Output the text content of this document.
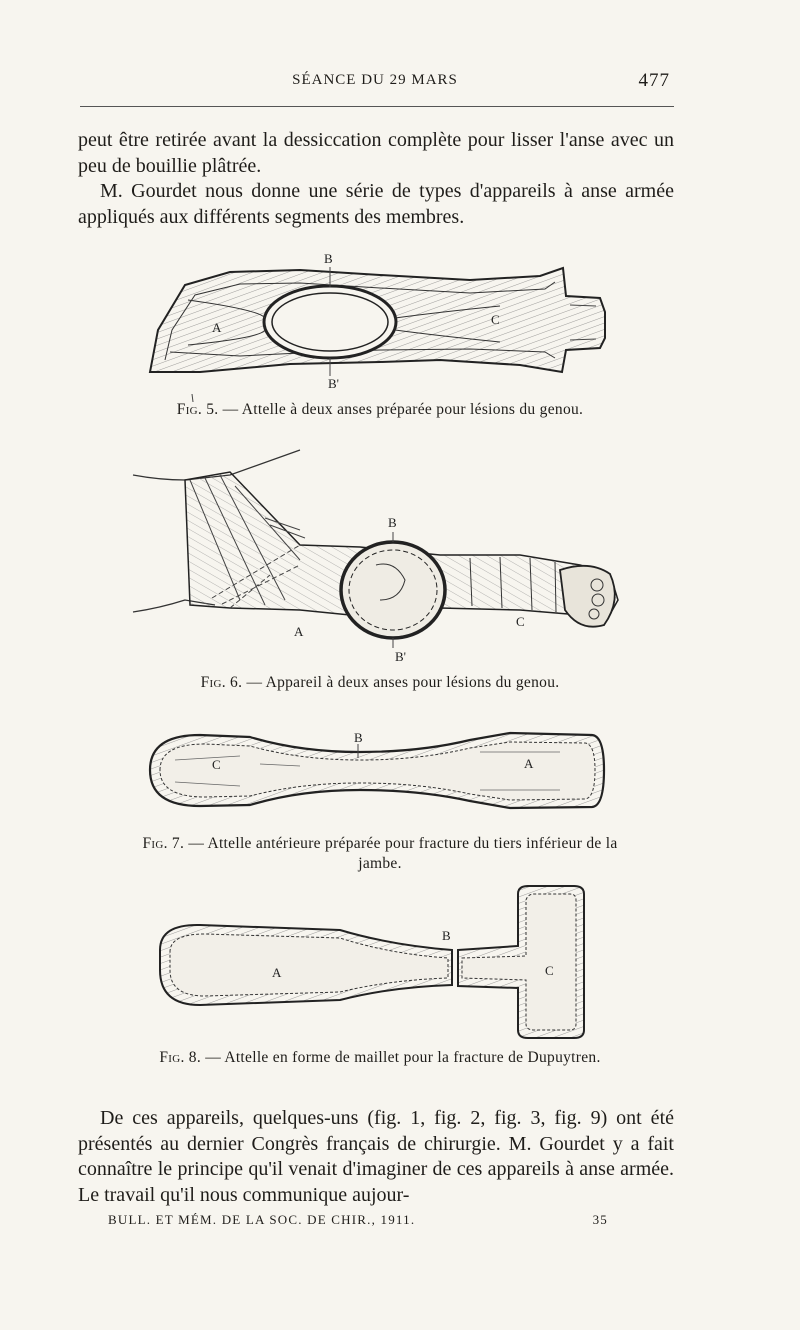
SÉANCE DU 29 MARS	477

peut être retirée avant la dessiccation complète pour lisser l'anse avec un peu de bouillie plâtrée.

M. Gourdet nous donne une série de types d'appareils à anse armée appliqués aux différents segments des membres.

B
A
C
B'
B
A
C
B'
B
C	A
B
A	C
Fig. 5. — Attelle à deux anses préparée pour lésions du genou.
Fig. 6. — Appareil à deux anses pour lésions du genou.
Fig. 7. — Attelle antérieure préparée pour fracture du tiers inférieur de la jambe.
Fig. 8. — Attelle en forme de maillet pour la fracture de Dupuytren.

De ces appareils, quelques-uns (fig. 1, fig. 2, fig. 3, fig. 9) ont été présentés au dernier Congrès français de chirurgie. M. Gourdet y a fait connaître le principe qu'il venait d'imaginer de ces appareils à anse armée. Le travail qu'il nous communique aujour-

BULL. ET MÉM. DE LA SOC. DE CHIR., 1911.	35
